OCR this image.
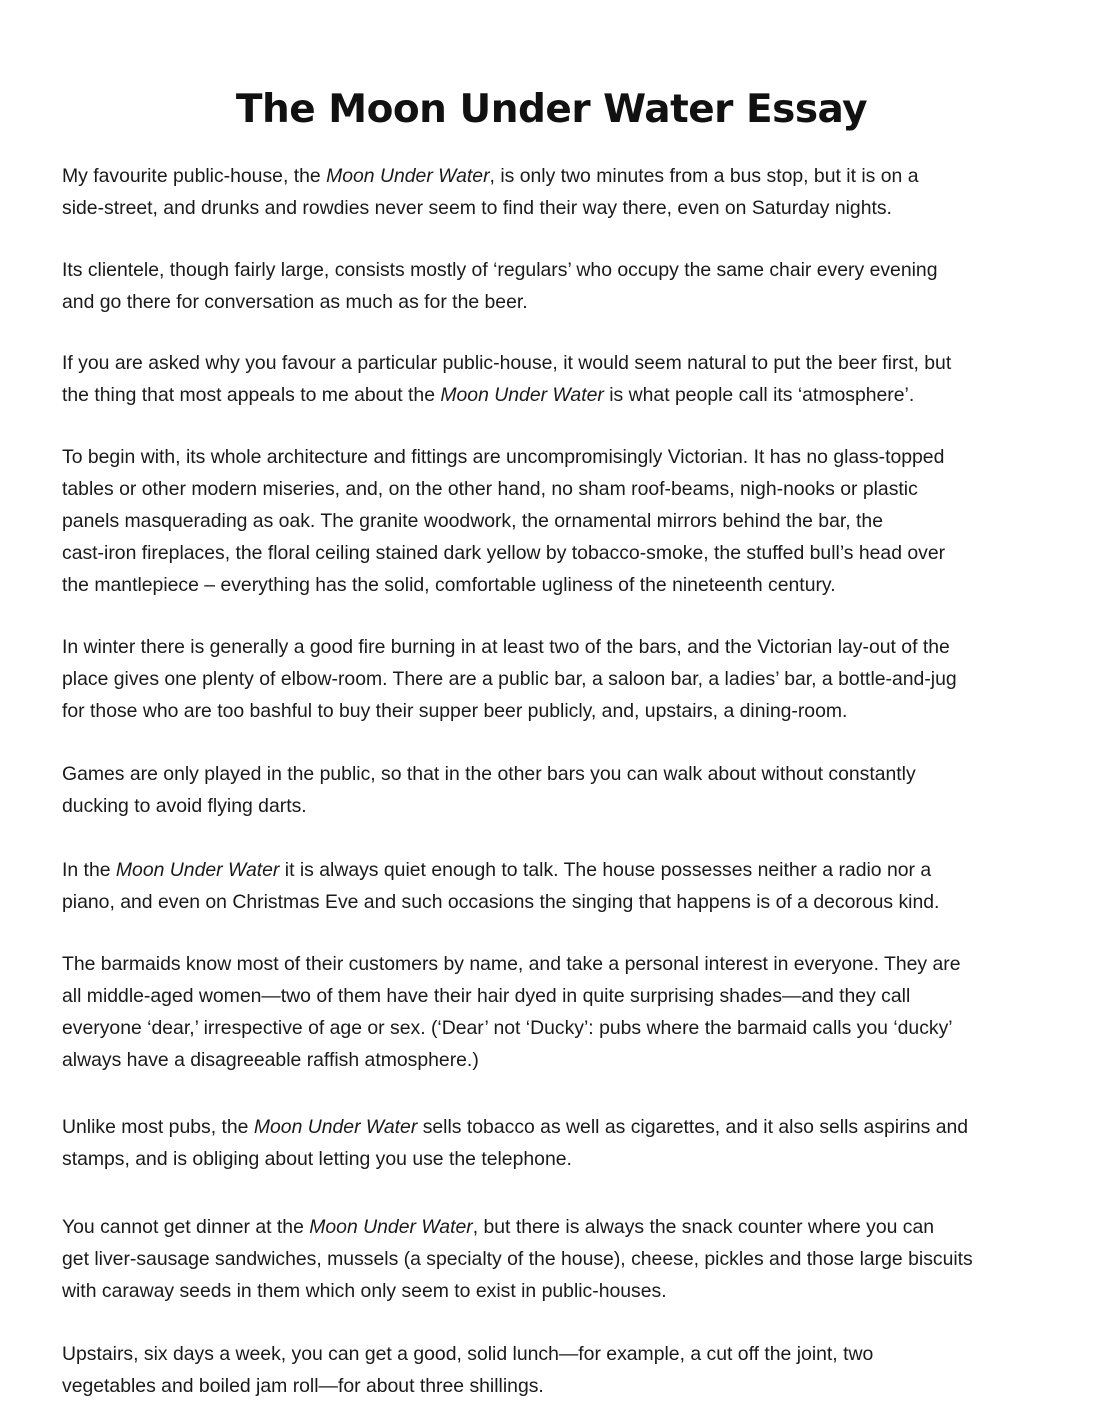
The Moon Under Water Essay

My favourite public-house, the Moon Under Water, is only two minutes from a bus stop, but it is on a
side-street, and drunks and rowdies never seem to find their way there, even on Saturday nights.

Its clientele, though fairly large, consists mostly of ‘regulars’ who occupy the same chair every evening
and go there for conversation as much as for the beer.

If you are asked why you favour a particular public-house, it would seem natural to put the beer first, but
the thing that most appeals to me about the Moon Under Water is what people call its ‘atmosphere’.

To begin with, its whole architecture and fittings are uncompromisingly Victorian. It has no glass-topped
tables or other modern miseries, and, on the other hand, no sham roof-beams, nigh-nooks or plastic
panels masquerading as oak. The granite woodwork, the ornamental mirrors behind the bar, the
cast-iron fireplaces, the floral ceiling stained dark yellow by tobacco-smoke, the stuffed bull’s head over
the mantlepiece – everything has the solid, comfortable ugliness of the nineteenth century.

In winter there is generally a good fire burning in at least two of the bars, and the Victorian lay-out of the
place gives one plenty of elbow-room. There are a public bar, a saloon bar, a ladies’ bar, a bottle-and-jug
for those who are too bashful to buy their supper beer publicly, and, upstairs, a dining-room.

Games are only played in the public, so that in the other bars you can walk about without constantly
ducking to avoid flying darts.

In the Moon Under Water it is always quiet enough to talk. The house possesses neither a radio nor a
piano, and even on Christmas Eve and such occasions the singing that happens is of a decorous kind.

The barmaids know most of their customers by name, and take a personal interest in everyone. They are
all middle-aged women—two of them have their hair dyed in quite surprising shades—and they call
everyone ‘dear,’ irrespective of age or sex. (‘Dear’ not ‘Ducky’: pubs where the barmaid calls you ‘ducky’
always have a disagreeable raffish atmosphere.)

Unlike most pubs, the Moon Under Water sells tobacco as well as cigarettes, and it also sells aspirins and
stamps, and is obliging about letting you use the telephone.

You cannot get dinner at the Moon Under Water, but there is always the snack counter where you can
get liver-sausage sandwiches, mussels (a specialty of the house), cheese, pickles and those large biscuits
with caraway seeds in them which only seem to exist in public-houses.

Upstairs, six days a week, you can get a good, solid lunch—for example, a cut off the joint, two
vegetables and boiled jam roll—for about three shillings.
